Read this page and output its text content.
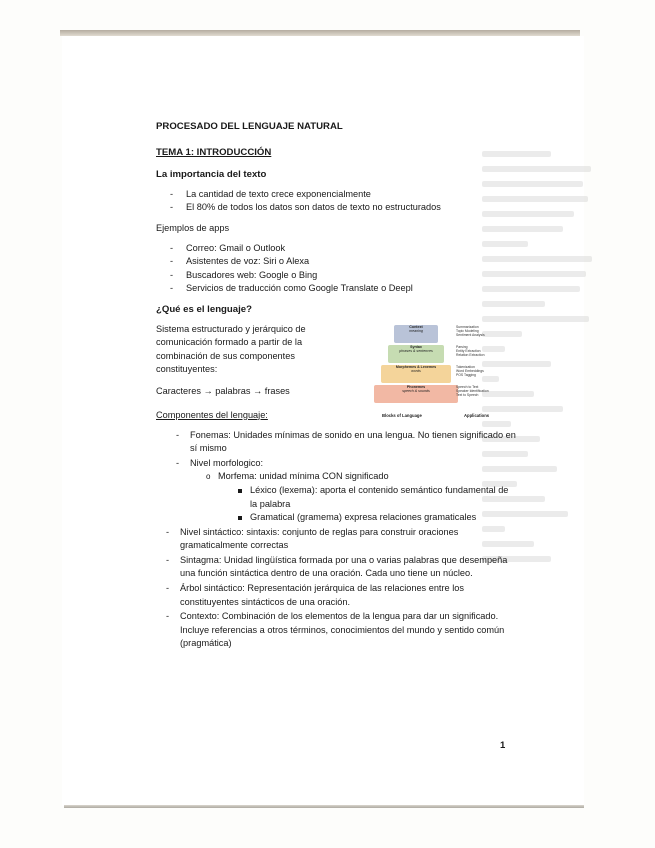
PROCESADO DEL LENGUAJE NATURAL
TEMA 1: INTRODUCCIÓN
La importancia del texto
- La cantidad de texto crece exponencialmente
- El 80% de todos los datos son datos de texto no estructurados
Ejemplos de apps
- Correo: Gmail o Outlook
- Asistentes de voz: Siri o Alexa
- Buscadores web: Google o Bing
- Servicios de traducción como Google Translate o Deepl
¿Qué es el lenguaje?

Sistema estructurado y jerárquico de comunicación formado a partir de la combinación de sus componentes constituyentes:

Caracteres → palabras → frases

Componentes del lenguaje:
Context
meaning
Syntax
phrases & sentences
Morphemes & Lexemes
words
Phonemes
speech & sounds
Summarization
Topic Modeling
Sentiment Analysis
Parsing
Entity Extraction
Relation Extraction
Tokenization
Word Embeddings
POS Tagging
Speech to Text
Speaker Identification
Text to Speech
Blocks of Language	Applications
- Fonemas: Unidades mínimas de sonido en una lengua. No tienen significado en sí mismo
- Nivel morfologico:
o Morfema: unidad mínima CON significado
Léxico (lexema): aporta el contenido semántico fundamental de la palabra
Gramatical (gramema) expresa relaciones gramaticales
- Nivel sintáctico: sintaxis: conjunto de reglas para construir oraciones gramaticalmente correctas
- Sintagma: Unidad lingüística formada por una o varias palabras que desempeña una función sintáctica dentro de una oración. Cada uno tiene un núcleo.
- Árbol sintáctico: Representación jerárquica de las relaciones entre los constituyentes sintácticos de una oración.
- Contexto: Combinación de los elementos de la lengua para dar un significado. Incluye referencias a otros términos, conocimientos del mundo y sentido común (pragmática)
1
